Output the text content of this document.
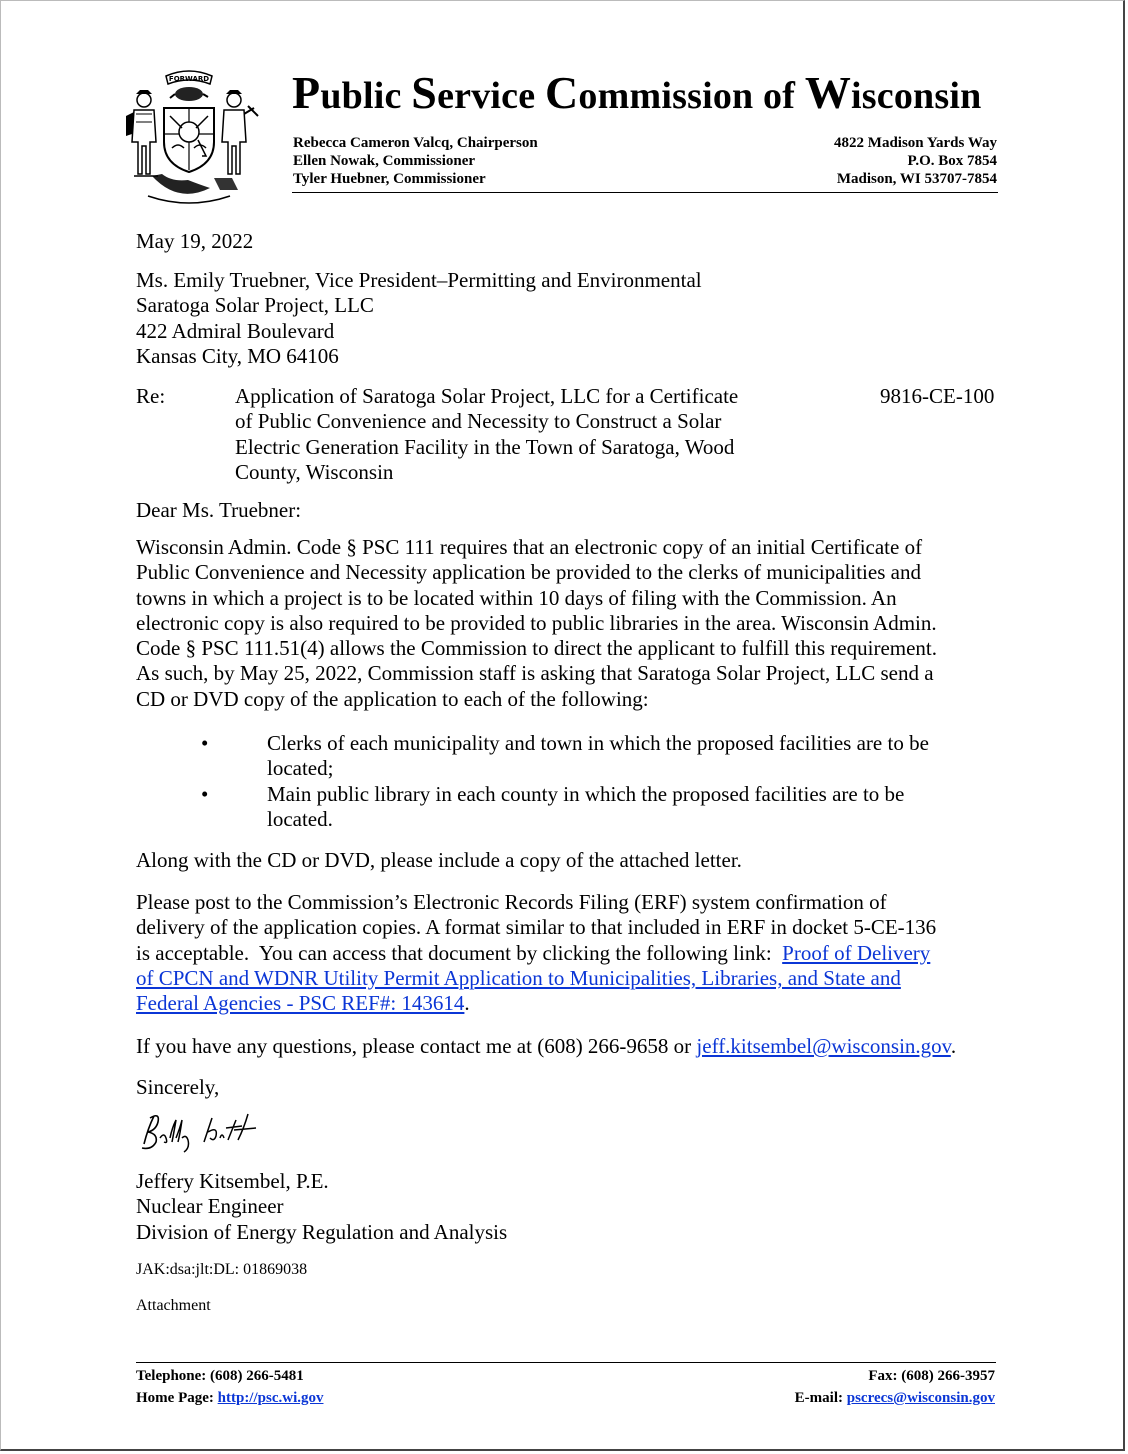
FORWARD Public Service Commission of Wisconsin
Rebecca Cameron Valcq, Chairperson
Ellen Nowak, Commissioner
Tyler Huebner, Commissioner
4822 Madison Yards Way
P.O. Box 7854
Madison, WI 53707-7854
May 19, 2022
Ms. Emily Truebner, Vice President–Permitting and Environmental
Saratoga Solar Project, LLC
422 Admiral Boulevard
Kansas City, MO 64106
Re:	Application of Saratoga Solar Project, LLC for a Certificate
of Public Convenience and Necessity to Construct a Solar
Electric Generation Facility in the Town of Saratoga, Wood
County, Wisconsin
9816-CE-100
Dear Ms. Truebner:
Wisconsin Admin. Code § PSC 111 requires that an electronic copy of an initial Certificate of
Public Convenience and Necessity application be provided to the clerks of municipalities and
towns in which a project is to be located within 10 days of filing with the Commission. An
electronic copy is also required to be provided to public libraries in the area. Wisconsin Admin.
Code § PSC 111.51(4) allows the Commission to direct the applicant to fulfill this requirement.
As such, by May 25, 2022, Commission staff is asking that Saratoga Solar Project, LLC send a
CD or DVD copy of the application to each of the following:
•	Clerks of each municipality and town in which the proposed facilities are to be
located;
•	Main public library in each county in which the proposed facilities are to be
located.
Along with the CD or DVD, please include a copy of the attached letter.
Please post to the Commission’s Electronic Records Filing (ERF) system confirmation of
delivery of the application copies. A format similar to that included in ERF in docket 5-CE-136
is acceptable.  You can access that document by clicking the following link:  Proof of Delivery
of CPCN and WDNR Utility Permit Application to Municipalities, Libraries, and State and
Federal Agencies - PSC REF#: 143614.
If you have any questions, please contact me at (608) 266-9658 or jeff.kitsembel@wisconsin.gov.
Sincerely,
Jeffery Kitsembel, P.E.
Nuclear Engineer
Division of Energy Regulation and Analysis
JAK:dsa:jlt:DL: 01869038
Attachment
Telephone: (608) 266-5481
Home Page: http://psc.wi.gov
Fax: (608) 266-3957
E-mail: pscrecs@wisconsin.gov
